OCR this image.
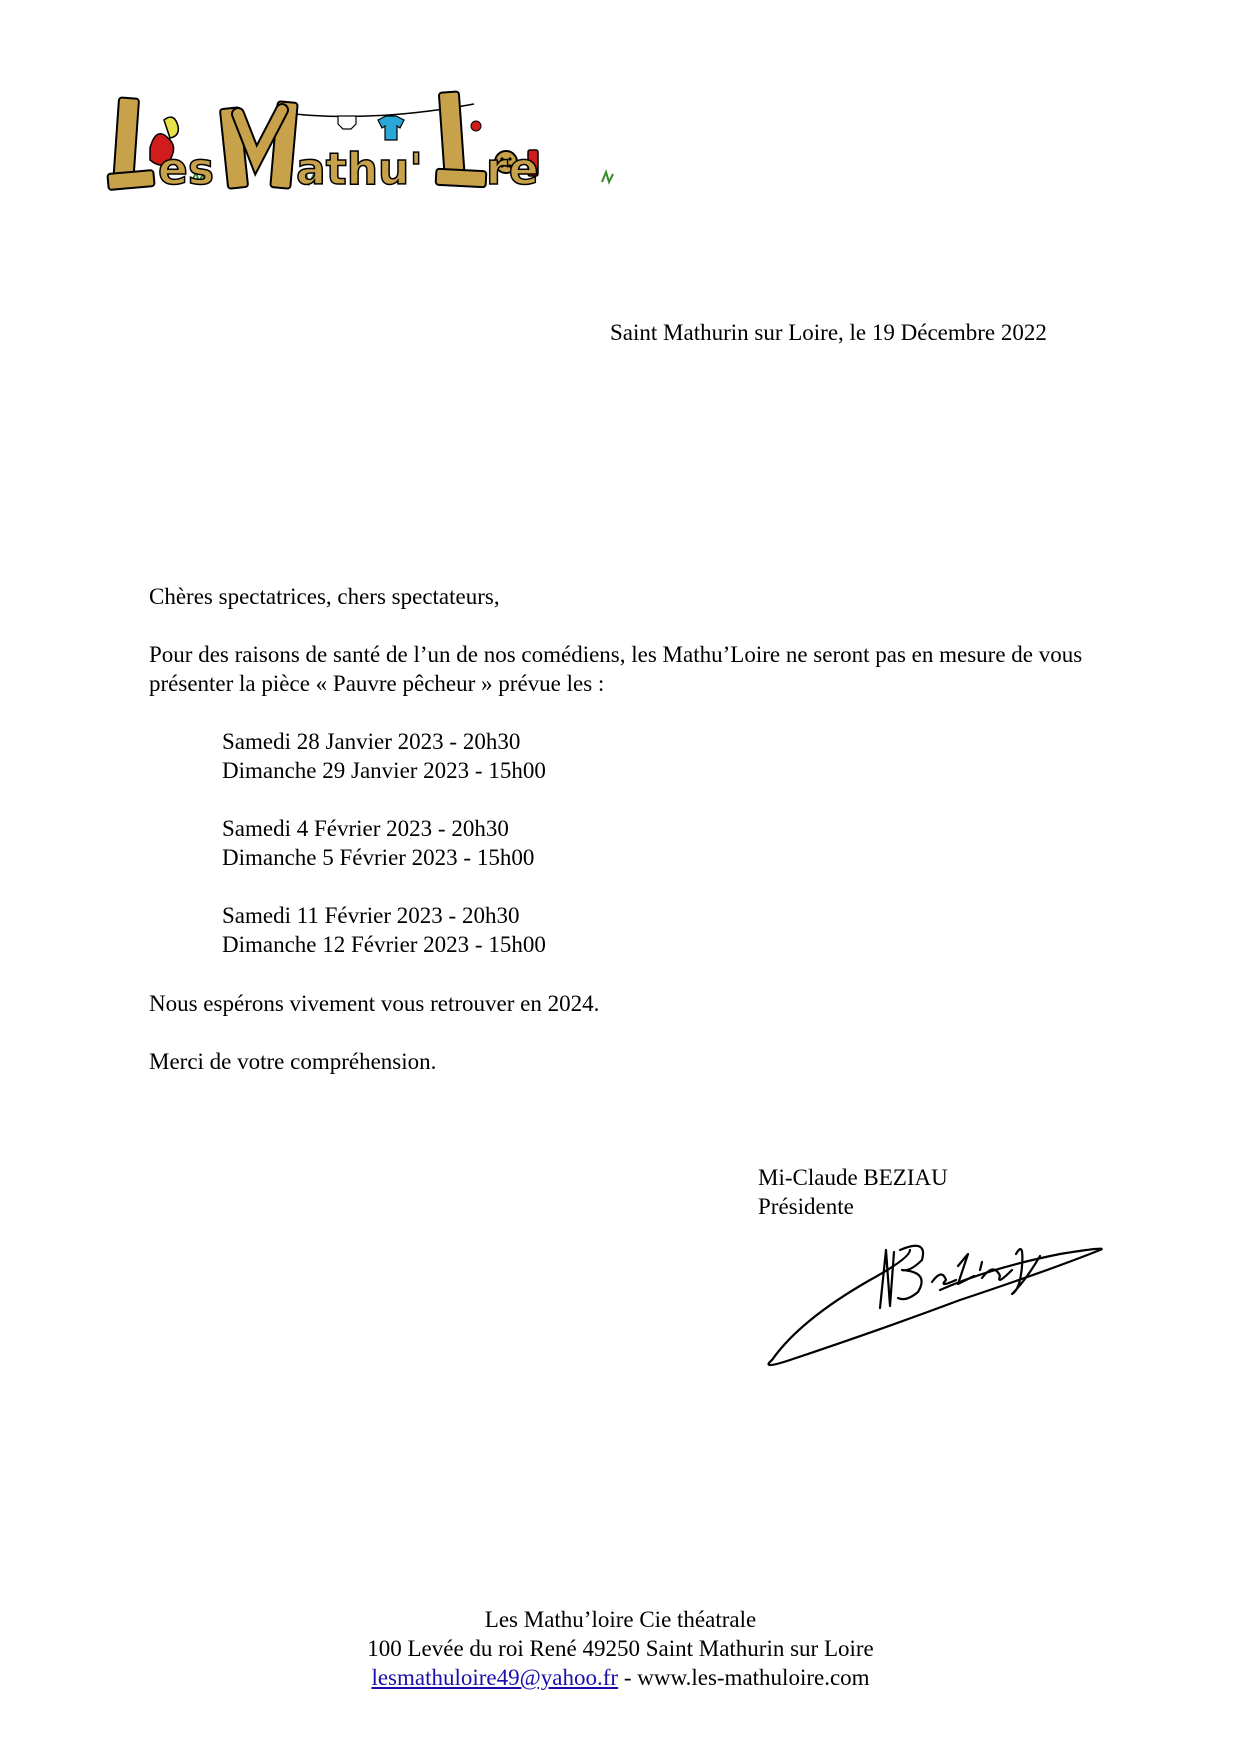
es athu' re
Saint Mathurin sur Loire, le 19 Décembre 2022
Chères spectatrices, chers spectateurs,
Pour des raisons de santé de l’un de nos comédiens, les Mathu’Loire ne seront pas en mesure de vous présenter la pièce « Pauvre pêcheur » prévue les :
Samedi 28 Janvier 2023 - 20h30
Dimanche 29 Janvier 2023 - 15h00
Samedi 4 Février 2023 - 20h30
Dimanche 5 Février 2023 - 15h00
Samedi 11 Février 2023 - 20h30
Dimanche 12 Février 2023 - 15h00
Nous espérons vivement vous retrouver en 2024.
Merci de votre compréhension.
Mi-Claude BEZIAU
Présidente
Les Mathu’loire Cie théatrale
100 Levée du roi René 49250 Saint Mathurin sur Loire
lesmathuloire49@yahoo.fr - www.les-mathuloire.com
